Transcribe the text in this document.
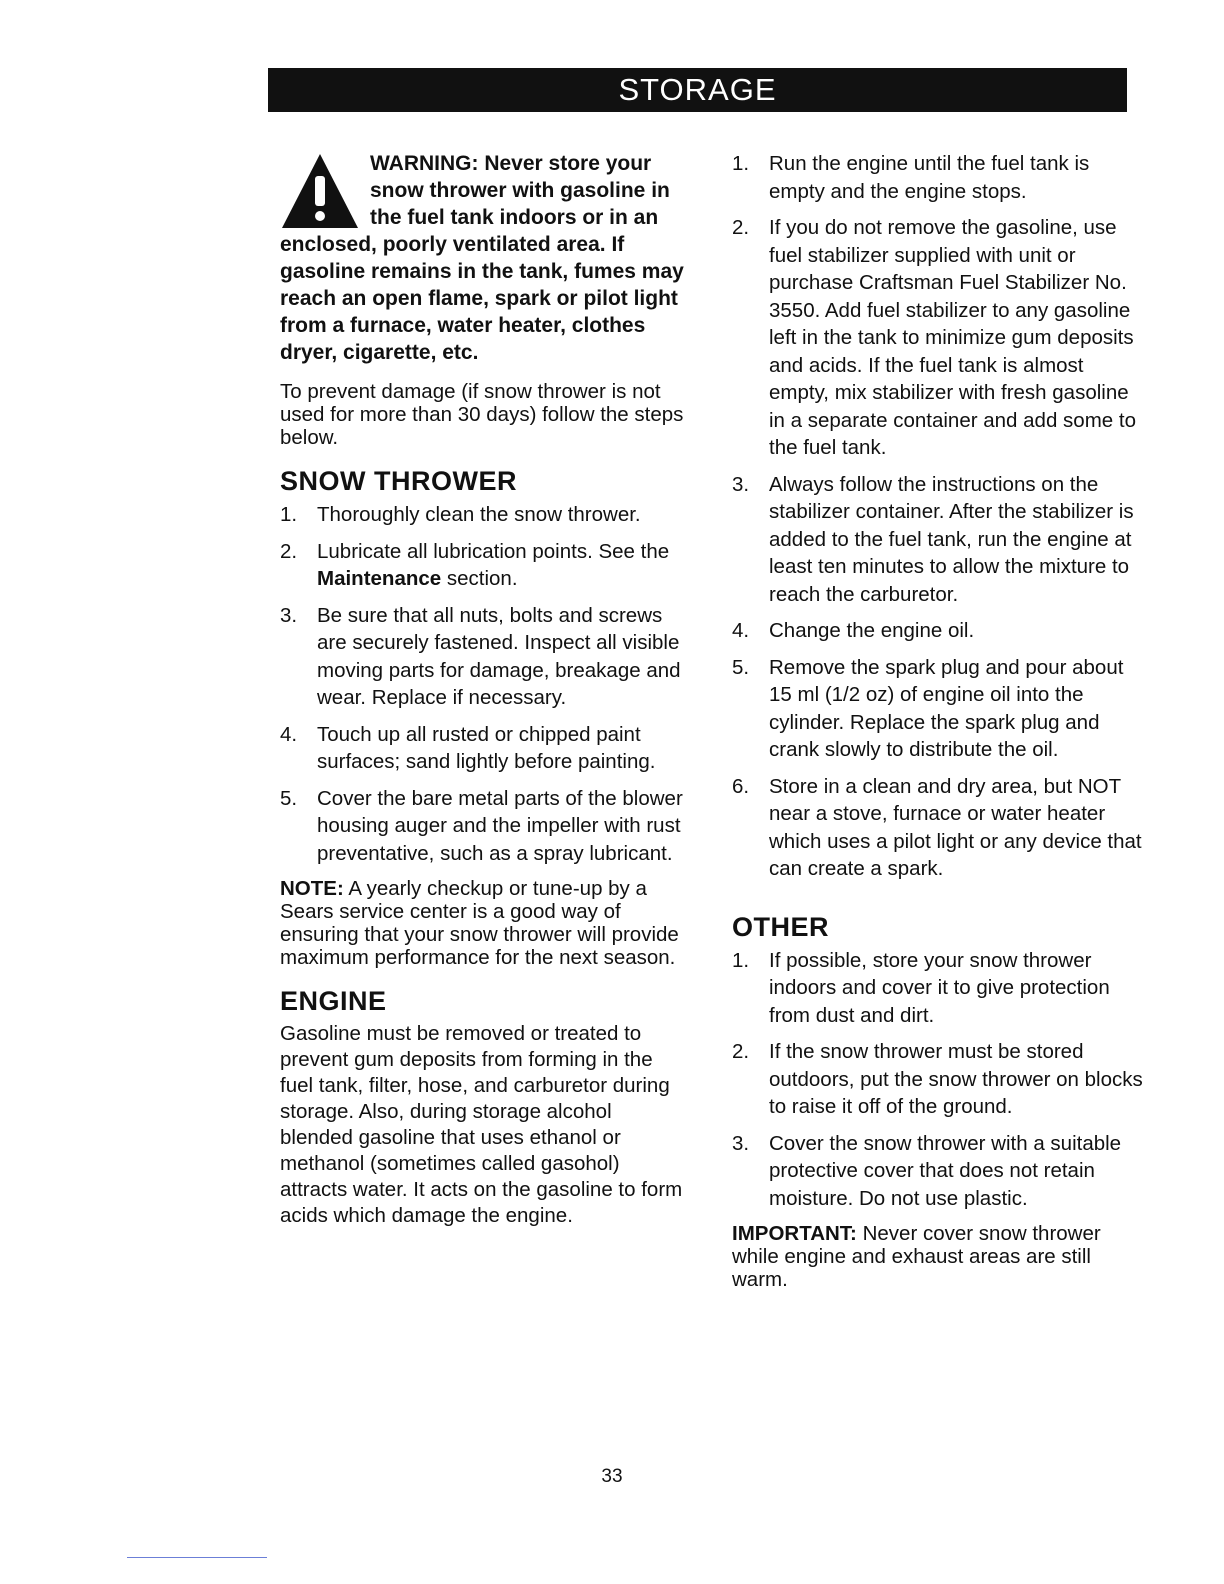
STORAGE
WARNING: Never store your snow thrower with gasoline in the fuel tank indoors or in an enclosed, poorly ventilated area. If gasoline remains in the tank, fumes may reach an open flame, spark or pilot light from a furnace, water heater, clothes dryer, cigarette, etc.

To prevent damage (if snow thrower is not used for more than 30 days) follow the steps below.

SNOW THROWER
1. Thoroughly clean the snow thrower.
2. Lubricate all lubrication points. See the Maintenance section.
3. Be sure that all nuts, bolts and screws are securely fastened. Inspect all visible moving parts for damage, breakage and wear. Replace if necessary.
4. Touch up all rusted or chipped paint surfaces; sand lightly before painting.
5. Cover the bare metal parts of the blower housing auger and the impeller with rust preventative, such as a spray lubricant.

NOTE: A yearly checkup or tune-up by a Sears service center is a good way of ensuring that your snow thrower will provide maximum performance for the next season.

ENGINE

Gasoline must be removed or treated to prevent gum deposits from forming in the fuel tank, filter, hose, and carburetor during storage. Also, during storage alcohol blended gasoline that uses ethanol or methanol (sometimes called gasohol) attracts water. It acts on the gasoline to form acids which damage the engine.

1. Run the engine until the fuel tank is empty and the engine stops.
2. If you do not remove the gasoline, use fuel stabilizer supplied with unit or purchase Craftsman Fuel Stabilizer No. 3550. Add fuel stabilizer to any gasoline left in the tank to minimize gum deposits and acids. If the fuel tank is almost empty, mix stabilizer with fresh gasoline in a separate container and add some to the fuel tank.
3. Always follow the instructions on the stabilizer container. After the stabilizer is added to the fuel tank, run the engine at least ten minutes to allow the mixture to reach the carburetor.
4. Change the engine oil.
5. Remove the spark plug and pour about 15 ml (1/2 oz) of engine oil into the cylinder. Replace the spark plug and crank slowly to distribute the oil.
6. Store in a clean and dry area, but NOT near a stove, furnace or water heater which uses a pilot light or any device that can create a spark.
OTHER
1. If possible, store your snow thrower indoors and cover it to give protection from dust and dirt.
2. If the snow thrower must be stored outdoors, put the snow thrower on blocks to raise it off of the ground.
3. Cover the snow thrower with a suitable protective cover that does not retain moisture. Do not use plastic.

IMPORTANT: Never cover snow thrower while engine and exhaust areas are still warm.

33
